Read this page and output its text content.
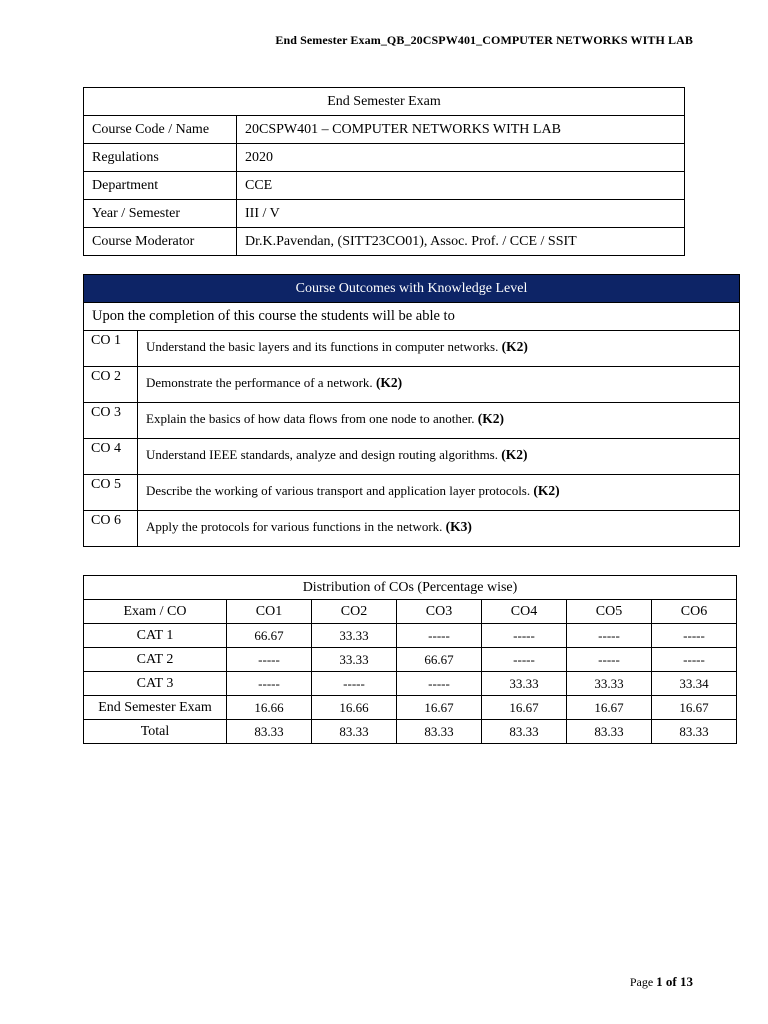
End Semester Exam_QB_20CSPW401_COMPUTER NETWORKS WITH LAB
End Semester Exam	
Course Code / Name	20CSPW401 – COMPUTER NETWORKS WITH LAB
Regulations	2020
Department	CCE
Year / Semester	III / V
Course Moderator	Dr.K.Pavendan, (SITT23CO01), Assoc. Prof. / CCE / SSIT
Course Outcomes with Knowledge Level	
Upon the completion of this course the students will be able to	
CO 1	Understand the basic layers and its functions in computer networks. (K2)
CO 2	Demonstrate the performance of a network. (K2)
CO 3	Explain the basics of how data flows from one node to another. (K2)
CO 4	Understand IEEE standards, analyze and design routing algorithms. (K2)
CO 5	Describe the working of various transport and application layer protocols. (K2)
CO 6	Apply the protocols for various functions in the network. (K3)
Distribution of COs (Percentage wise)						
Exam / CO	CO1	CO2	CO3	CO4	CO5	CO6
CAT 1	66.67	33.33	-----	-----	-----	-----
CAT 2	-----	33.33	66.67	-----	-----	-----
CAT 3	-----	-----	-----	33.33	33.33	33.34
End Semester Exam	16.66	16.66	16.67	16.67	16.67	16.67
Total	83.33	83.33	83.33	83.33	83.33	83.33
Page 1 of 13
